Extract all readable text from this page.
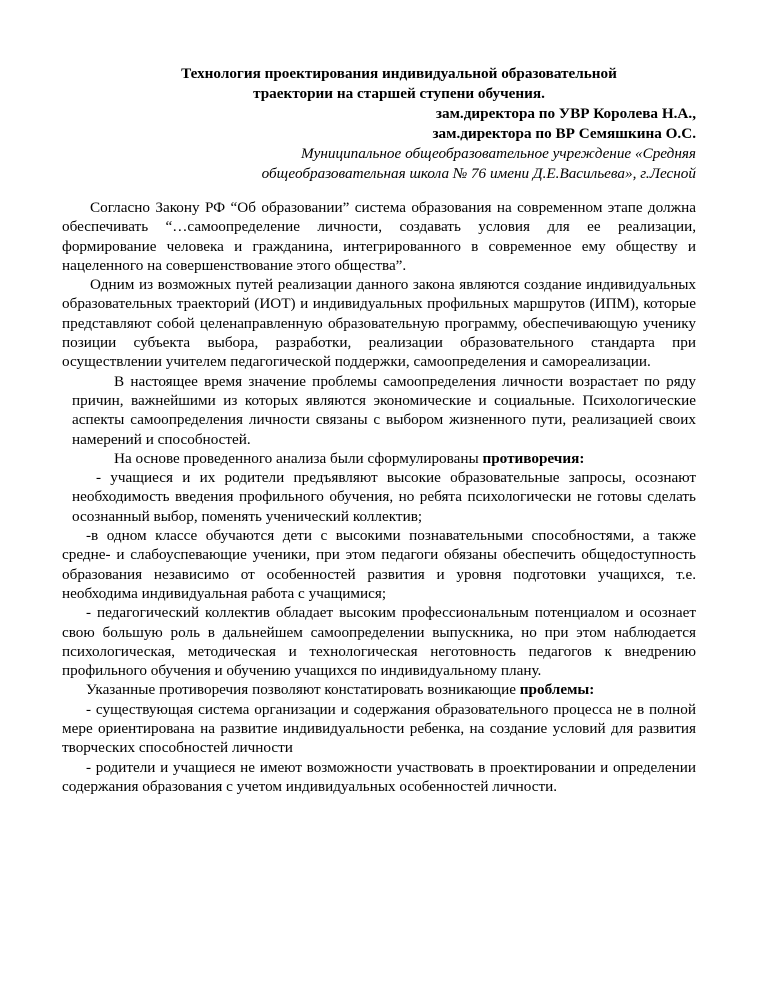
Технология проектирования индивидуальной образовательной
траектории на старшей ступени обучения.

зам.директора по УВР Королева Н.А.,

зам.директора по ВР Семяшкина О.С.

Муниципальное общеобразовательное учреждение «Средняя

общеобразовательная школа № 76 имени Д.Е.Васильева», г.Лесной

Согласно Закону РФ “Об образовании” система образования на современном этапе должна обеспечивать “…самоопределение личности, создавать условия для ее реализации, формирование человека и гражданина, интегрированного в современное ему обществу и нацеленного на совершенствование этого общества”.

Одним из возможных путей реализации данного закона являются создание индивидуальных образовательных траекторий (ИОТ) и индивидуальных профильных маршрутов (ИПМ), которые представляют собой целенаправленную образовательную программу, обеспечивающую ученику позиции субъекта выбора, разработки, реализации образовательного стандарта при осуществлении учителем педагогической поддержки, самоопределения и самореализации.

В настоящее время значение проблемы самоопределения личности возрастает по ряду причин, важнейшими из которых являются экономические и социальные. Психологические аспекты самоопределения личности связаны с выбором жизненного пути, реализацией своих намерений и способностей.

На основе проведенного анализа были сформулированы противоречия:

- учащиеся и их родители предъявляют высокие образовательные запросы, осознают необходимость введения профильного обучения, но ребята психологически не готовы сделать осознанный выбор, поменять ученический коллектив;

-в одном классе обучаются дети с высокими познавательными способностями, а также средне- и слабоуспевающие ученики, при этом педагоги обязаны обеспечить общедоступность образования независимо от особенностей развития и уровня подготовки учащихся, т.е. необходима индивидуальная работа с учащимися;

- педагогический коллектив обладает высоким профессиональным потенциалом и осознает свою большую роль в дальнейшем самоопределении выпускника, но при этом наблюдается психологическая, методическая и технологическая неготовность педагогов к внедрению профильного обучения и обучению учащихся по индивидуальному плану.

Указанные противоречия позволяют констатировать возникающие проблемы:

- существующая система организации и содержания образовательного процесса не в полной мере ориентирована на развитие индивидуальности ребенка, на создание условий для развития творческих способностей личности

- родители и учащиеся не имеют возможности участвовать в проектировании и определении содержания образования с учетом индивидуальных особенностей личности.
